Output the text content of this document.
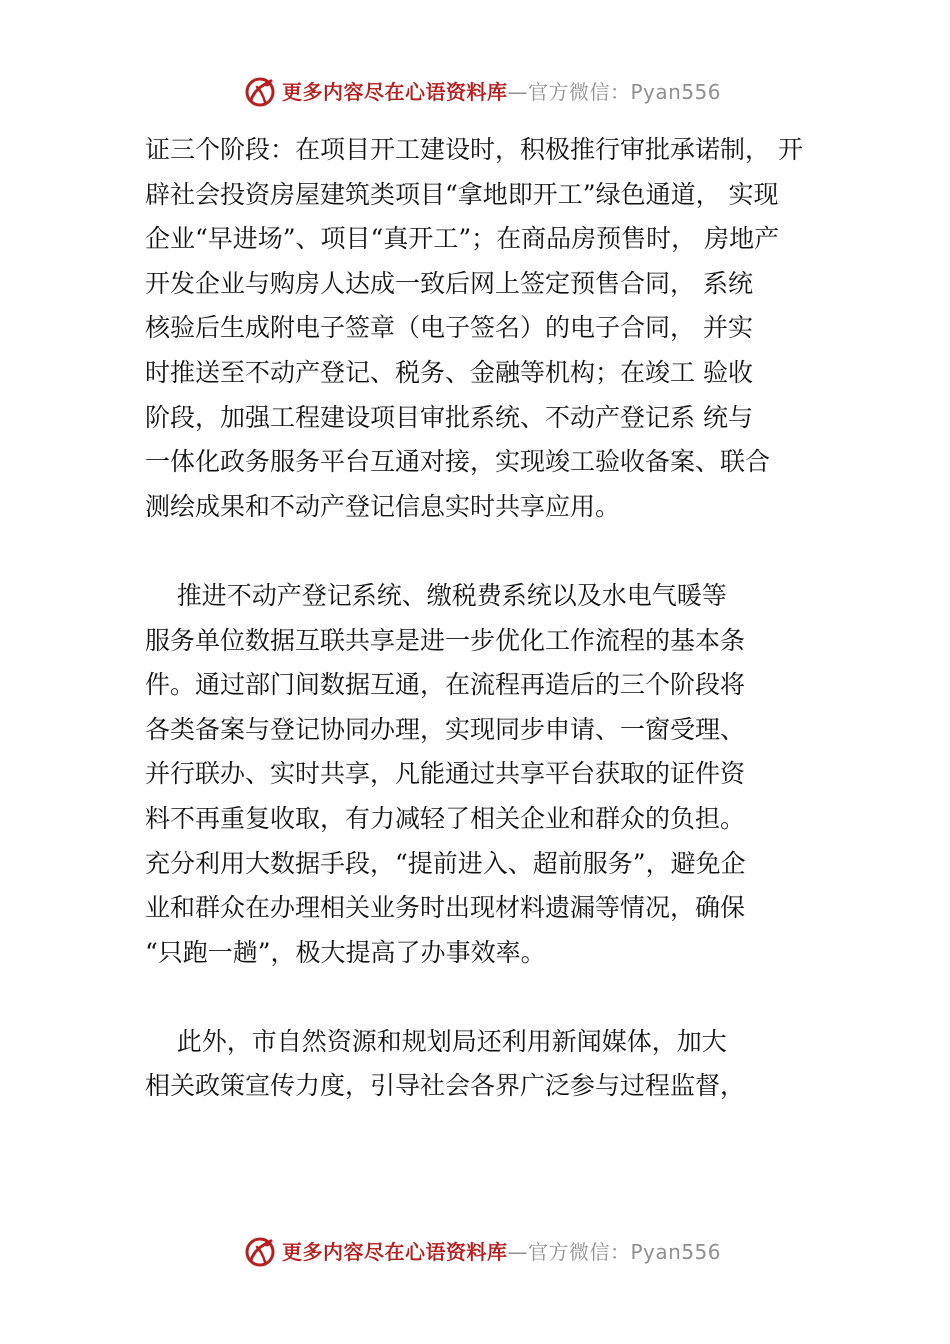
更多内容尽在心语资料库—官方微信：Pyan556
证三个阶段：在项目开工建设时，积极推行审批承诺制， 开
辟社会投资房屋建筑类项目“拿地即开工”绿色通道， 实现
企业“早进场”、项目“真开工”；在商品房预售时， 房地产
开发企业与购房人达成一致后网上签定预售合同， 系统
核验后生成附电子签章（电子签名）的电子合同， 并实
时推送至不动产登记、税务、金融等机构；在竣工 验收
阶段，加强工程建设项目审批系统、不动产登记系 统与
一体化政务服务平台互通对接，实现竣工验收备案、联合
测绘成果和不动产登记信息实时共享应用。
推进不动产登记系统、缴税费系统以及水电气暖等
服务单位数据互联共享是进一步优化工作流程的基本条
件。通过部门间数据互通，在流程再造后的三个阶段将
各类备案与登记协同办理，实现同步申请、一窗受理、
并行联办、实时共享，凡能通过共享平台获取的证件资
料不再重复收取，有力减轻了相关企业和群众的负担。
充分利用大数据手段，“提前进入、超前服务”，避免企
业和群众在办理相关业务时出现材料遗漏等情况，确保
“只跑一趟”，极大提高了办事效率。
此外，市自然资源和规划局还利用新闻媒体，加大
相关政策宣传力度，引导社会各界广泛参与过程监督，
更多内容尽在心语资料库—官方微信：Pyan556
